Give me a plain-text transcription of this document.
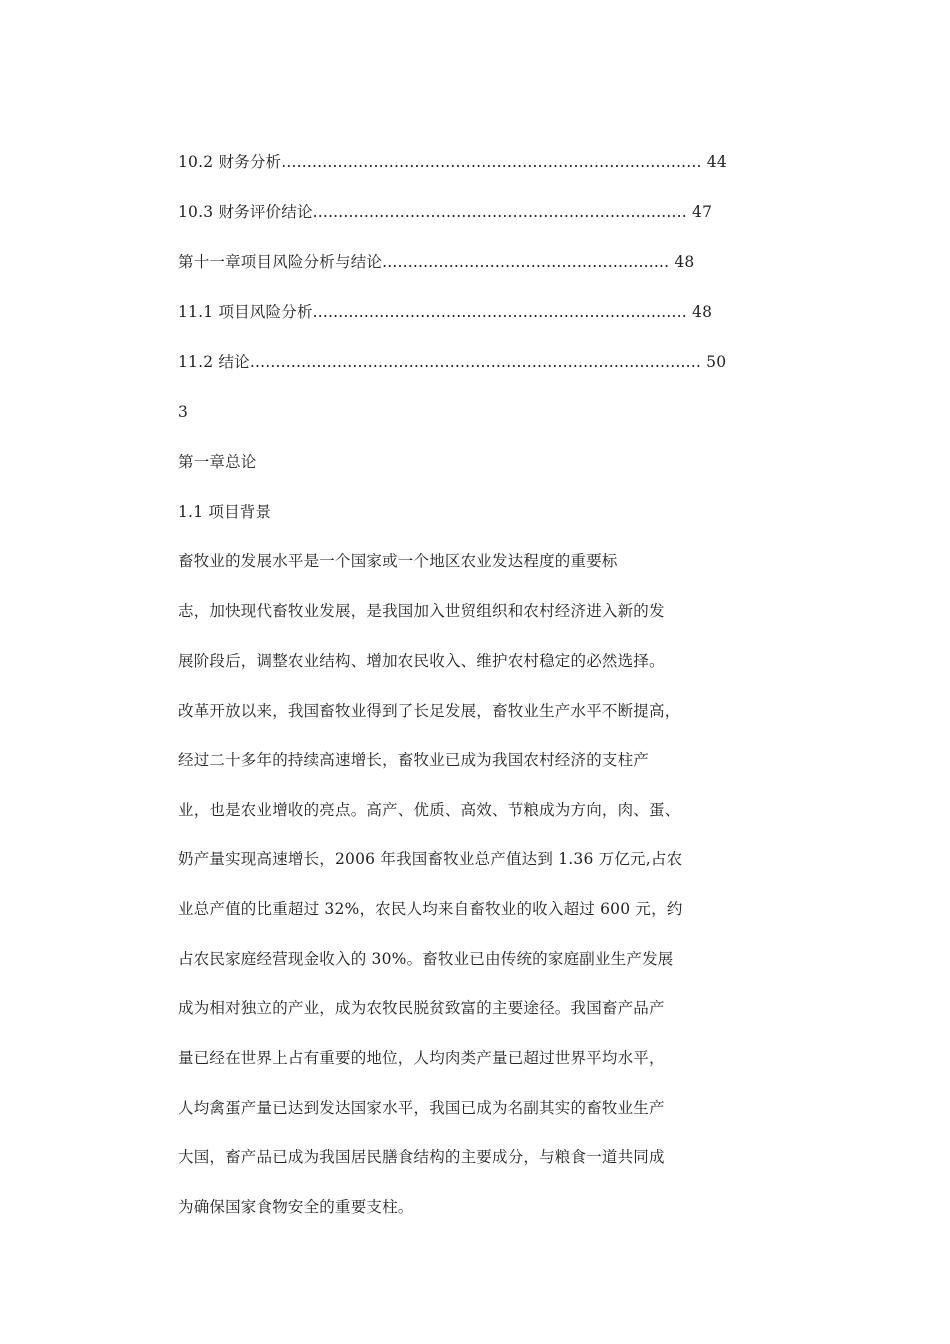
10.2 财务分析.................................................................................. 44
10.3 财务评价结论......................................................................... 47
第十一章项目风险分析与结论........................................................ 48
11.1 项目风险分析......................................................................... 48
11.2 结论........................................................................................ 50
3
第一章总论
1.1 项目背景
畜牧业的发展水平是一个国家或一个地区农业发达程度的重要标
志，加快现代畜牧业发展，是我国加入世贸组织和农村经济进入新的发
展阶段后，调整农业结构、增加农民收入、维护农村稳定的必然选择。
改革开放以来，我国畜牧业得到了长足发展，畜牧业生产水平不断提高，
经过二十多年的持续高速增长，畜牧业已成为我国农村经济的支柱产
业，也是农业增收的亮点。高产、优质、高效、节粮成为方向，肉、蛋、
奶产量实现高速增长，2006 年我国畜牧业总产值达到 1.36 万亿元,占农
业总产值的比重超过 32%，农民人均来自畜牧业的收入超过 600 元，约
占农民家庭经营现金收入的 30%。畜牧业已由传统的家庭副业生产发展
成为相对独立的产业，成为农牧民脱贫致富的主要途径。我国畜产品产
量已经在世界上占有重要的地位，人均肉类产量已超过世界平均水平，
人均禽蛋产量已达到发达国家水平，我国已成为名副其实的畜牧业生产
大国，畜产品已成为我国居民膳食结构的主要成分，与粮食一道共同成
为确保国家食物安全的重要支柱。
